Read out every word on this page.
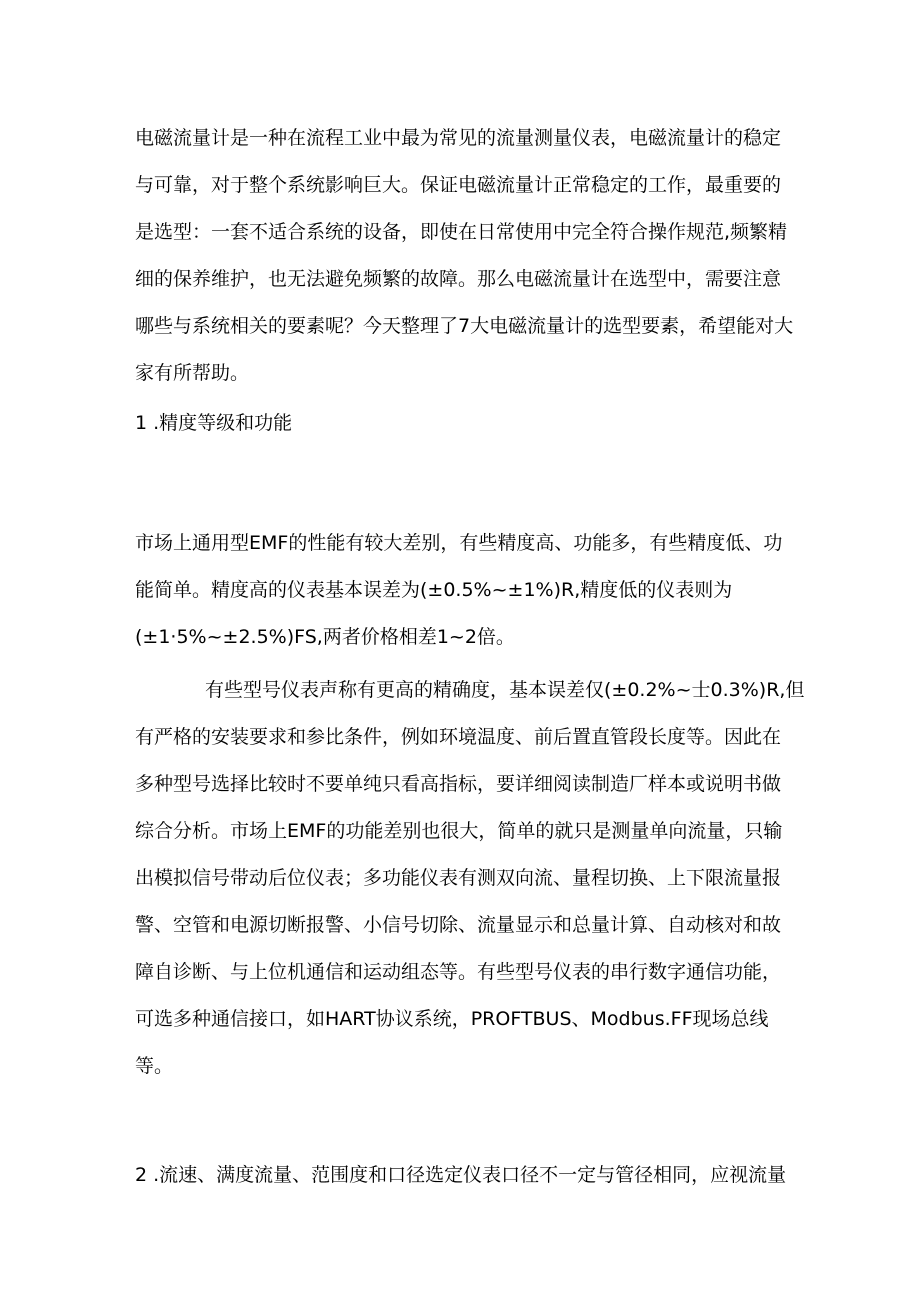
电磁流量计是一种在流程工业中最为常见的流量测量仪表，电磁流量计的稳定
与可靠，对于整个系统影响巨大。保证电磁流量计正常稳定的工作，最重要的
是选型：一套不适合系统的设备，即使在日常使用中完全符合操作规范,频繁精
细的保养维护，也无法避免频繁的故障。那么电磁流量计在选型中，需要注意
哪些与系统相关的要素呢？今天整理了7大电磁流量计的选型要素，希望能对大
家有所帮助。
1 .精度等级和功能
市场上通用型EMF的性能有较大差别，有些精度高、功能多，有些精度低、功
能简单。精度高的仪表基本误差为(±0.5%~±1%)R,精度低的仪表则为
(±1·5%~±2.5%)FS,两者价格相差1~2倍。
有些型号仪表声称有更高的精确度，基本误差仅(±0.2%~士0.3%)R,但
有严格的安装要求和参比条件，例如环境温度、前后置直管段长度等。因此在
多种型号选择比较时不要单纯只看高指标，要详细阅读制造厂样本或说明书做
综合分析。市场上EMF的功能差别也很大，简单的就只是测量单向流量，只输
出模拟信号带动后位仪表；多功能仪表有测双向流、量程切换、上下限流量报
警、空管和电源切断报警、小信号切除、流量显示和总量计算、自动核对和故
障自诊断、与上位机通信和运动组态等。有些型号仪表的串行数字通信功能，
可选多种通信接口，如HART协议系统，PROFTBUS、Modbus.FF现场总线
等。
2 .流速、满度流量、范围度和口径选定仪表口径不一定与管径相同，应视流量
